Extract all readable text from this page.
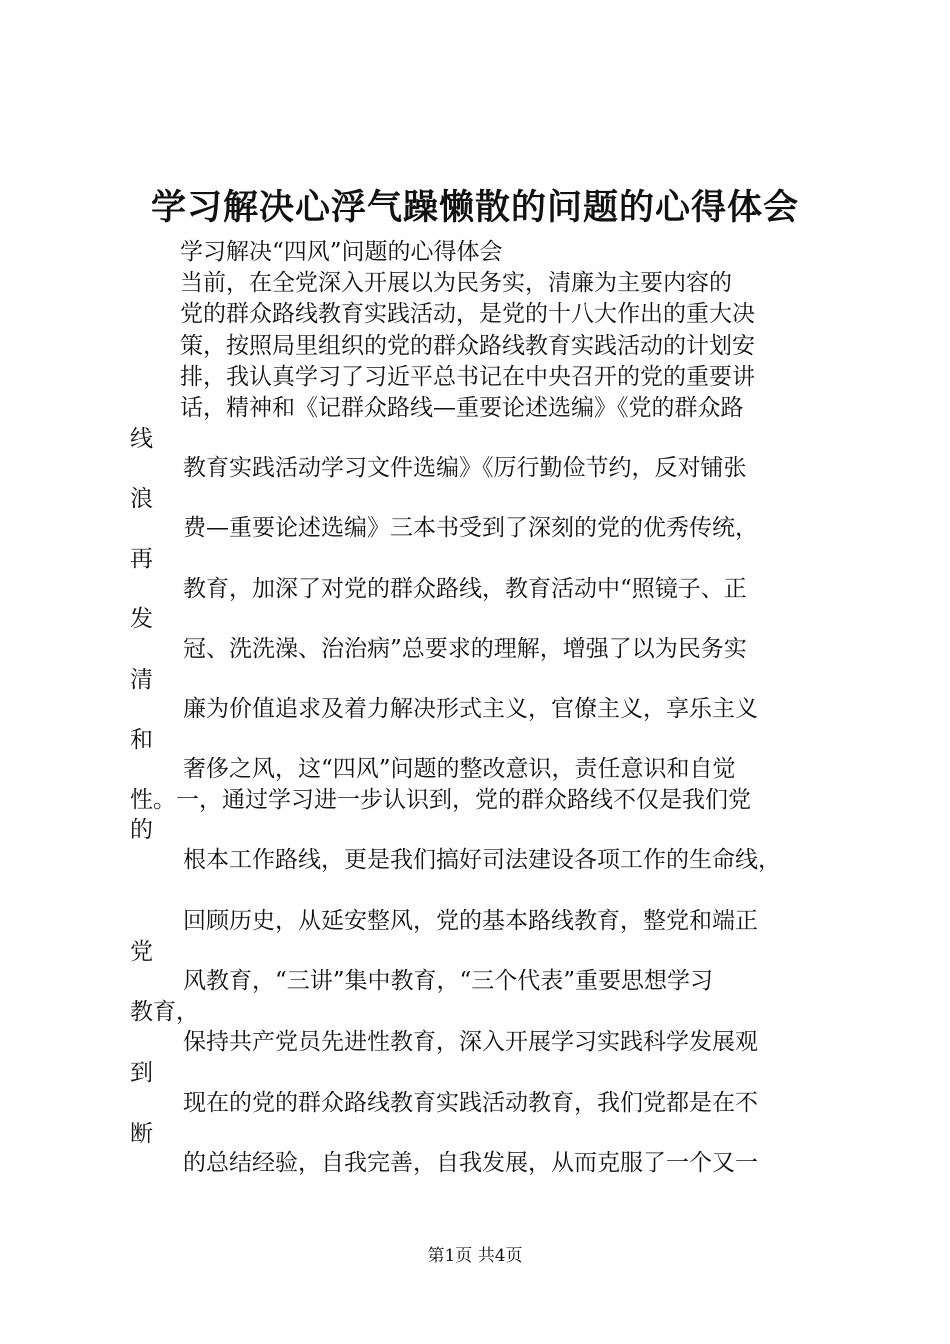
学习解决心浮气躁懒散的问题的心得体会
学习解决“四风”问题的心得体会
当前，在全党深入开展以为民务实，清廉为主要内容的
党的群众路线教育实践活动，是党的十八大作出的重大决
策，按照局里组织的党的群众路线教育实践活动的计划安
排，我认真学习了习近平总书记在中央召开的党的重要讲
话，精神和《记群众路线—重要论述选编》《党的群众路
线
教育实践活动学习文件选编》《厉行勤俭节约，反对铺张
浪
费—重要论述选编》三本书受到了深刻的党的优秀传统，
再
教育，加深了对党的群众路线，教育活动中“照镜子、正
发
冠、洗洗澡、治治病”总要求的理解，增强了以为民务实
清
廉为价值追求及着力解决形式主义，官僚主义，享乐主义
和
奢侈之风，这“四风”问题的整改意识，责任意识和自觉
性。一，通过学习进一步认识到，党的群众路线不仅是我们党
的
根本工作路线，更是我们搞好司法建设各项工作的生命线，
回顾历史，从延安整风，党的基本路线教育，整党和端正
党
风教育，“三讲”集中教育，“三个代表”重要思想学习
教育，
保持共产党员先进性教育，深入开展学习实践科学发展观
到
现在的党的群众路线教育实践活动教育，我们党都是在不
断
的总结经验，自我完善，自我发展，从而克服了一个又一
第1页 共4页
